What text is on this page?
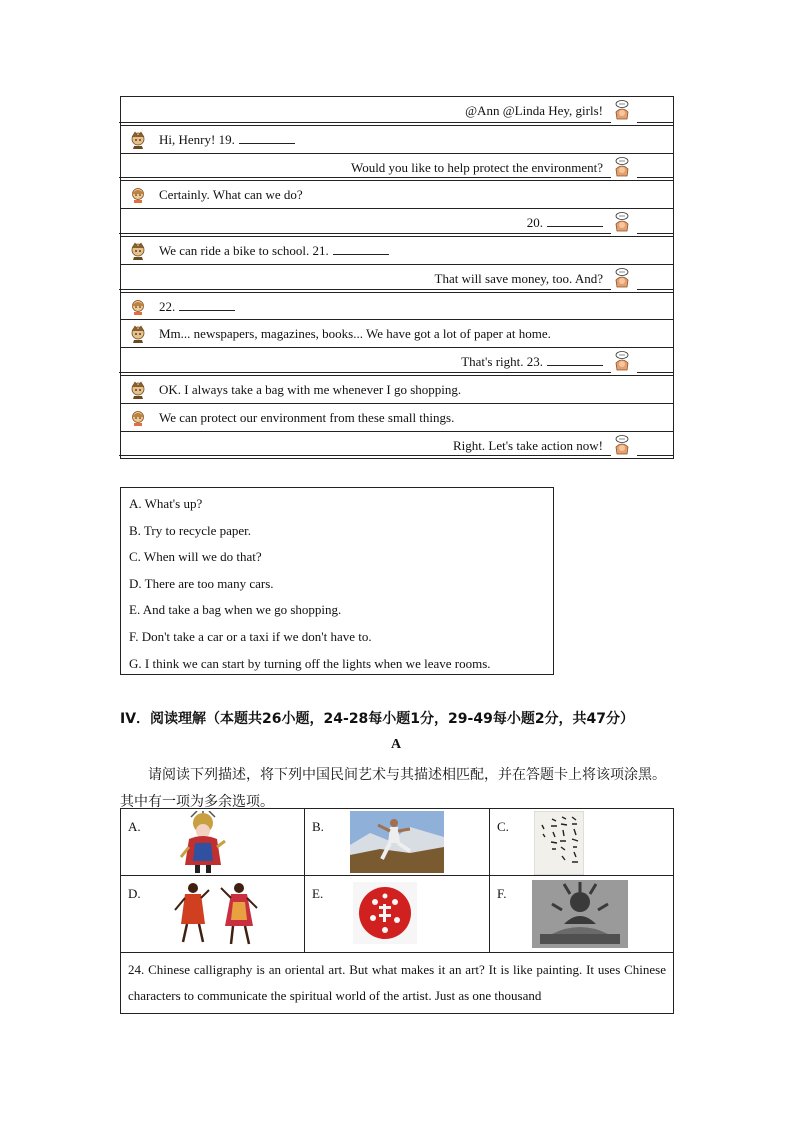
@Ann @Linda Hey, girls!
Hi, Henry! 19.
Would you like to help protect the environment?
Certainly. What can we do?
20.
We can ride a bike to school. 21.
That will save money, too. And?
22.
Mm... newspapers, magazines, books... We have got a lot of paper at home.
That's right. 23.
OK. I always take a bag with me whenever I go shopping.
We can protect our environment from these small things.
Right. Let's take action now!
A. What's up?
B. Try to recycle paper.
C. When will we do that?
D. There are too many cars.
E. And take a bag when we go shopping.
F. Don't take a car or a taxi if we don't have to.
G. I think we can start by turning off the lights when we leave rooms.
IV．阅读理解（本题共26小题，24-28每小题1分，29-49每小题2分，共47分）
A
请阅读下列描述，将下列中国民间艺术与其描述相匹配，并在答题卡上将该项涂黑。其中有一项为多余选项。
A.	B.	C.
D.	E.	F.
24. Chinese calligraphy is an oriental art. But what makes it an art? It is like painting. It uses Chinese characters to communicate the spiritual world of the artist. Just as one thousand
